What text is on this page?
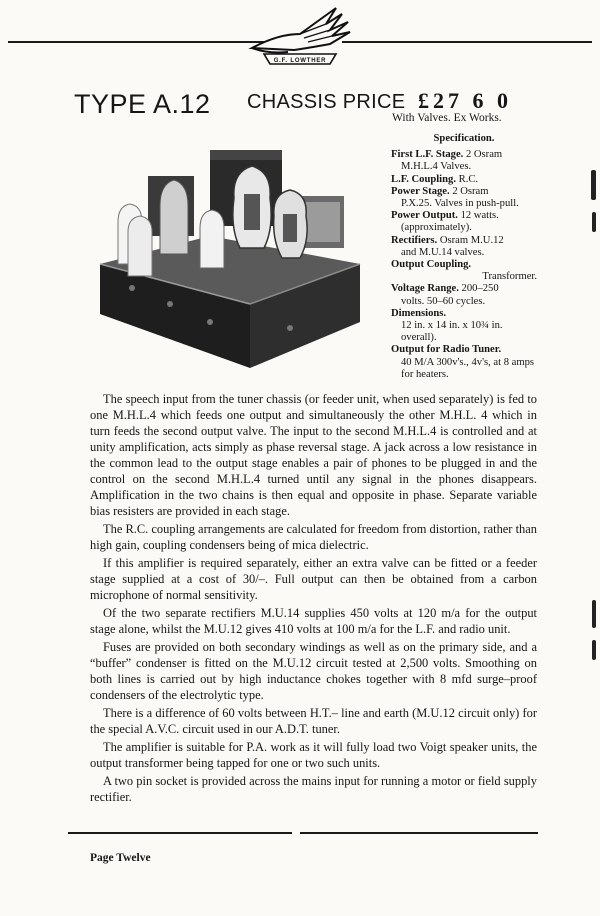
G.F. LOWTHER
TYPE A.12 CHASSIS PRICE £27 6 0
With Valves. Ex Works.
Specification.
First L.F. Stage. 2 Osram
M.H.L.4 Valves.
L.F. Coupling. R.C.
Power Stage. 2 Osram
P.X.25. Valves in push-pull.
Power Output. 12 watts.
(approximately).
Rectifiers. Osram M.U.12
and M.U.14 valves.
Output Coupling.
Transformer.
Voltage Range. 200–250
volts. 50–60 cycles.
Dimensions.
12 in. x 14 in. x 10¾ in. overall).
Output for Radio Tuner.
40 M/A 300v's., 4v's, at 8 amps for heaters.

The speech input from the tuner chassis (or feeder unit, when used separately) is fed to one M.H.L.4 which feeds one output and simultaneously the other M.H.L. 4 which in turn feeds the second output valve. The input to the second M.H.L.4 is controlled and at unity amplification, acts simply as phase reversal stage. A jack across a low resistance in the common lead to the output stage enables a pair of phones to be plugged in and the control on the second M.H.L.4 turned until any signal in the phones disappears. Amplification in the two chains is then equal and opposite in phase. Separate variable bias resisters are provided in each stage.

The R.C. coupling arrangements are calculated for freedom from distortion, rather than high gain, coupling condensers being of mica dielectric.

If this amplifier is required separately, either an extra valve can be fitted or a feeder stage supplied at a cost of 30/–. Full output can then be obtained from a carbon microphone of normal sensitivity.

Of the two separate rectifiers M.U.14 supplies 450 volts at 120 m/a for the output stage alone, whilst the M.U.12 gives 410 volts at 100 m/a for the L.F. and radio unit.

Fuses are provided on both secondary windings as well as on the primary side, and a “buffer” condenser is fitted on the M.U.12 circuit tested at 2,500 volts. Smoothing on both lines is carried out by high inductance chokes together with 8 mfd surge–proof condensers of the electrolytic type.

There is a difference of 60 volts between H.T.– line and earth (M.U.12 circuit only) for the special A.V.C. circuit used in our A.D.T. tuner.

The amplifier is suitable for P.A. work as it will fully load two Voigt speaker units, the output transformer being tapped for one or two such units.

A two pin socket is provided across the mains input for running a motor or field supply rectifier.

Page Twelve
